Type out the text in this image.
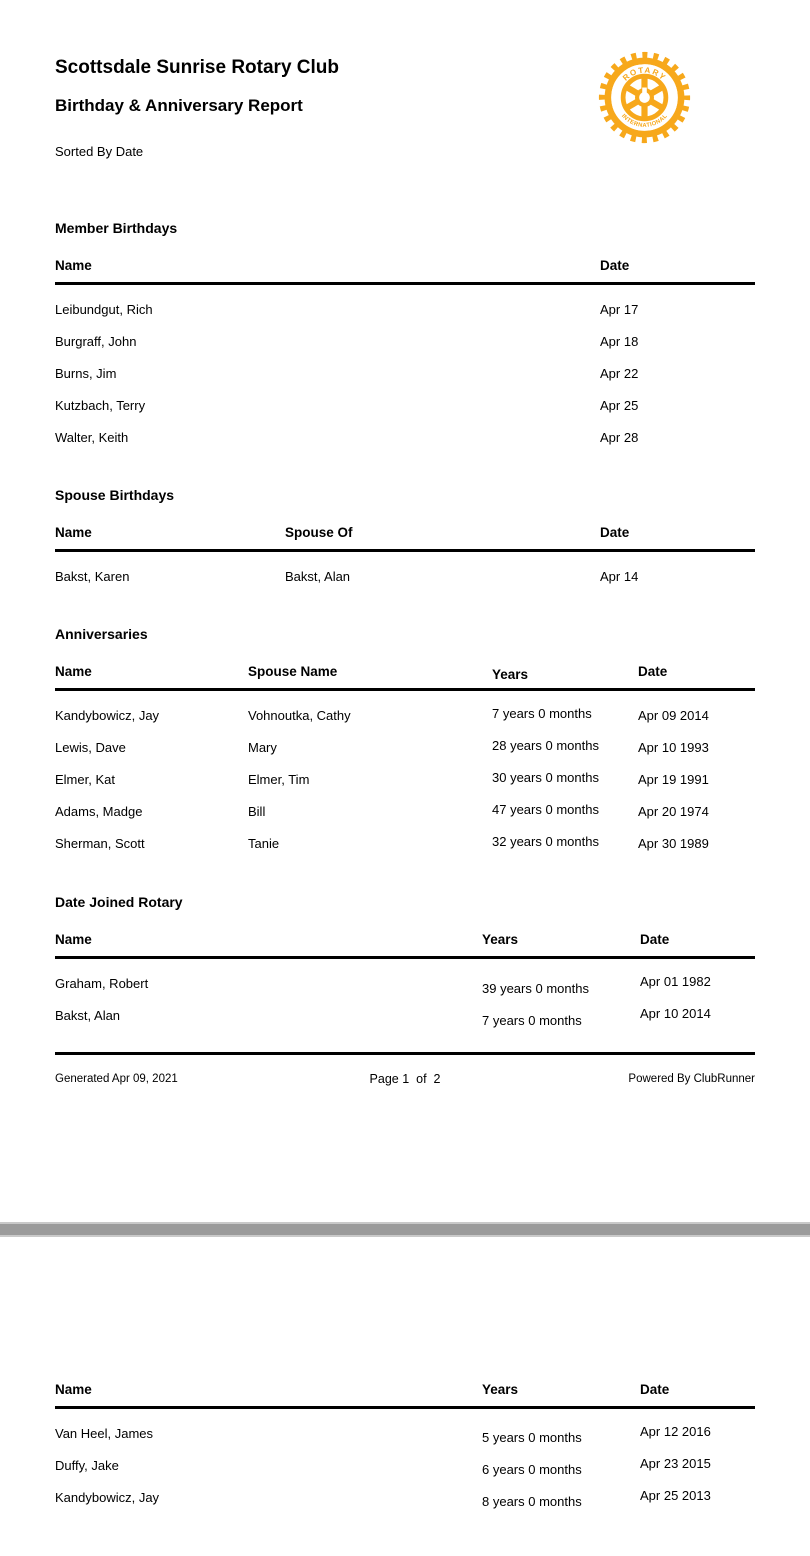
Scottsdale Sunrise Rotary Club
Birthday & Anniversary Report
Sorted By Date
ROTARY
INTERNATIONAL
Member Birthdays
Name	Date
Leibundgut, Rich	Apr 17
Burgraff, John	Apr 18
Burns, Jim	Apr 22
Kutzbach, Terry	Apr 25
Walter, Keith	Apr 28
Spouse Birthdays
Name	Spouse Of	Date
Bakst, Karen	Bakst, Alan	Apr 14
Anniversaries
Name	Spouse Name	Years	Date
Kandybowicz, Jay	Vohnoutka, Cathy	7 years 0 months	Apr 09 2014
Lewis, Dave	Mary	28 years 0 months	Apr 10 1993
Elmer, Kat	Elmer, Tim	30 years 0 months	Apr 19 1991
Adams, Madge	Bill	47 years 0 months	Apr 20 1974
Sherman, Scott	Tanie	32 years 0 months	Apr 30 1989
Date Joined Rotary
Name	Years	Date
Graham, Robert	39 years 0 months	Apr 01 1982
Bakst, Alan	7 years 0 months	Apr 10 2014
Generated Apr 09, 2021	Page 1  of  2	Powered By ClubRunner
Name	Years	Date
Van Heel, James	5 years 0 months	Apr 12 2016
Duffy, Jake	6 years 0 months	Apr 23 2015
Kandybowicz, Jay	8 years 0 months	Apr 25 2013
